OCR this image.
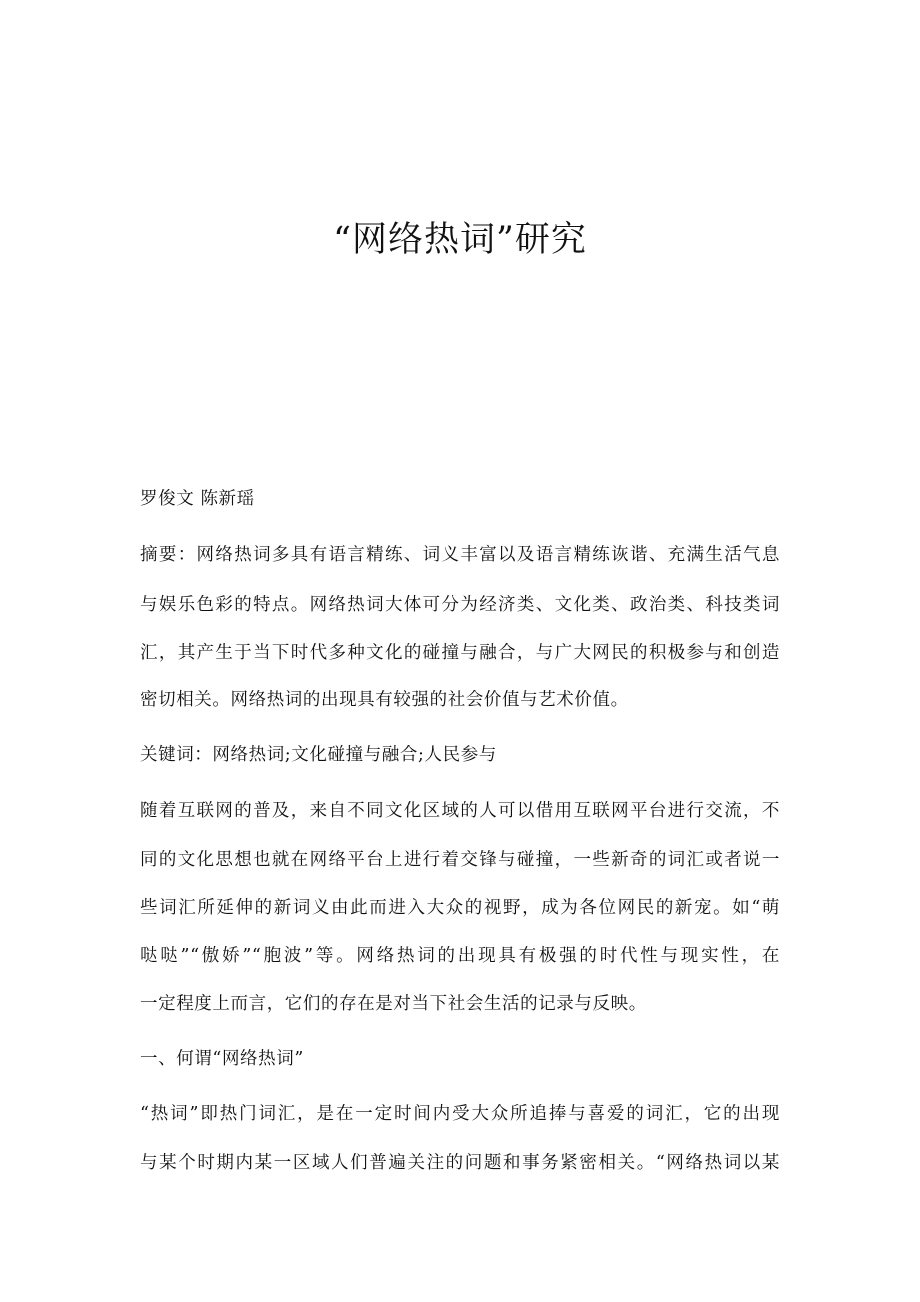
“网络热词”研究
罗俊文 陈新瑶
摘要：网络热词多具有语言精练、词义丰富以及语言精练诙谐、充满生活气息
与娱乐色彩的特点。网络热词大体可分为经济类、文化类、政治类、科技类词
汇，其产生于当下时代多种文化的碰撞与融合，与广大网民的积极参与和创造
密切相关。网络热词的出现具有较强的社会价值与艺术价值。
关键词：网络热词;文化碰撞与融合;人民参与
随着互联网的普及，来自不同文化区域的人可以借用互联网平台进行交流，不
同的文化思想也就在网络平台上进行着交锋与碰撞，一些新奇的词汇或者说一
些词汇所延伸的新词义由此而进入大众的视野，成为各位网民的新宠。如“萌
哒哒”“傲娇”“胞波”等。网络热词的出现具有极强的时代性与现实性，在
一定程度上而言，它们的存在是对当下社会生活的记录与反映。
一、何谓“网络热词”
“热词”即热门词汇，是在一定时间内受大众所追捧与喜爱的词汇，它的出现
与某个时期内某一区域人们普遍关注的问题和事务紧密相关。“网络热词以某
